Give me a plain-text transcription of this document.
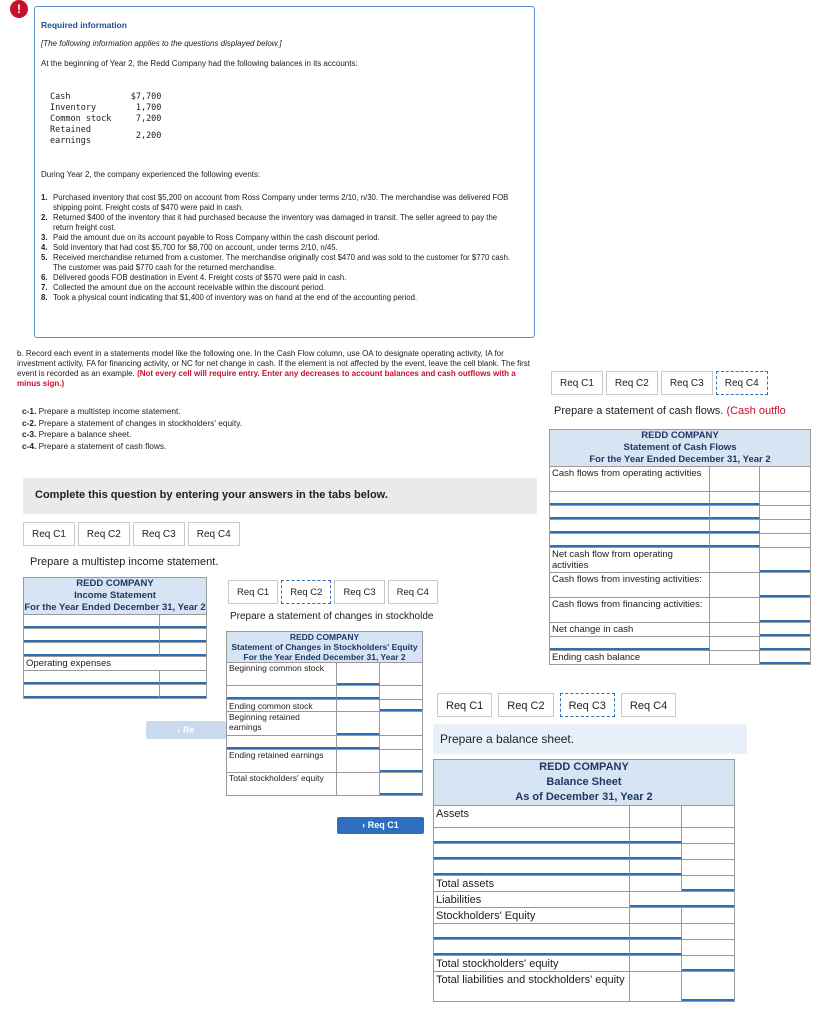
!
Required information
[The following information applies to the questions displayed below.]
At the beginning of Year 2, the Redd Company had the following balances in its accounts:
Cash	$7,700
Inventory	1,700
Common stock	7,200
Retained
earnings	2,200
During Year 2, the company experienced the following events:
1. Purchased inventory that cost $5,200 on account from Ross Company under terms 2/10, n/30. The merchandise was delivered FOB shipping point. Freight costs of $470 were paid in cash.
2. Returned $400 of the inventory that it had purchased because the inventory was damaged in transit. The seller agreed to pay the return freight cost.
3. Paid the amount due on its account payable to Ross Company within the cash discount period.
4. Sold inventory that had cost $5,700 for $8,700 on account, under terms 2/10, n/45.
5. Received merchandise returned from a customer. The merchandise originally cost $470 and was sold to the customer for $770 cash. The customer was paid $770 cash for the returned merchandise.
6. Delivered goods FOB destination in Event 4. Freight costs of $570 were paid in cash.
7. Collected the amount due on the account receivable within the discount period.
8. Took a physical count indicating that $1,400 of inventory was on hand at the end of the accounting period.
b. Record each event in a statements model like the following one. In the Cash Flow column, use OA to designate operating activity, IA for investment activity, FA for financing activity, or NC for net change in cash. If the element is not affected by the event, leave the cell blank. The first event is recorded as an example. (Not every cell will require entry. Enter any decreases to account balances and cash outflows with a minus sign.)
c-1. Prepare a multistep income statement.
c-2. Prepare a statement of changes in stockholders' equity.
c-3. Prepare a balance sheet.
c-4. Prepare a statement of cash flows.
Complete this question by entering your answers in the tabs below.
Req C1	Req C2	Req C3	Req C4
Prepare a multistep income statement.
REDD COMPANY
Income Statement
For the Year Ended December 31, Year 2
Operating expenses
‹ Re
Req C1	Req C2	Req C3	Req C4
Prepare a statement of changes in stockholde
REDD COMPANY
Statement of Changes in Stockholders' Equity
For the Year Ended December 31, Year 2
Beginning common stock
Ending common stock
Beginning retained earnings
Ending retained earnings
Total stockholders' equity
‹ Req C1
Req C1	Req C2	Req C3	Req C4
Prepare a statement of cash flows. (Cash outflo
REDD COMPANY
Statement of Cash Flows
For the Year Ended December 31, Year 2
Cash flows from operating activities
Net cash flow from operating activities
Cash flows from investing activities:
Cash flows from financing activities:
Net change in cash
Ending cash balance
Req C1	Req C2	Req C3	Req C4
Prepare a balance sheet.
REDD COMPANY
Balance Sheet
As of December 31, Year 2
Assets
Total assets
Liabilities
Stockholders' Equity
Total stockholders' equity
Total liabilities and stockholders' equity
